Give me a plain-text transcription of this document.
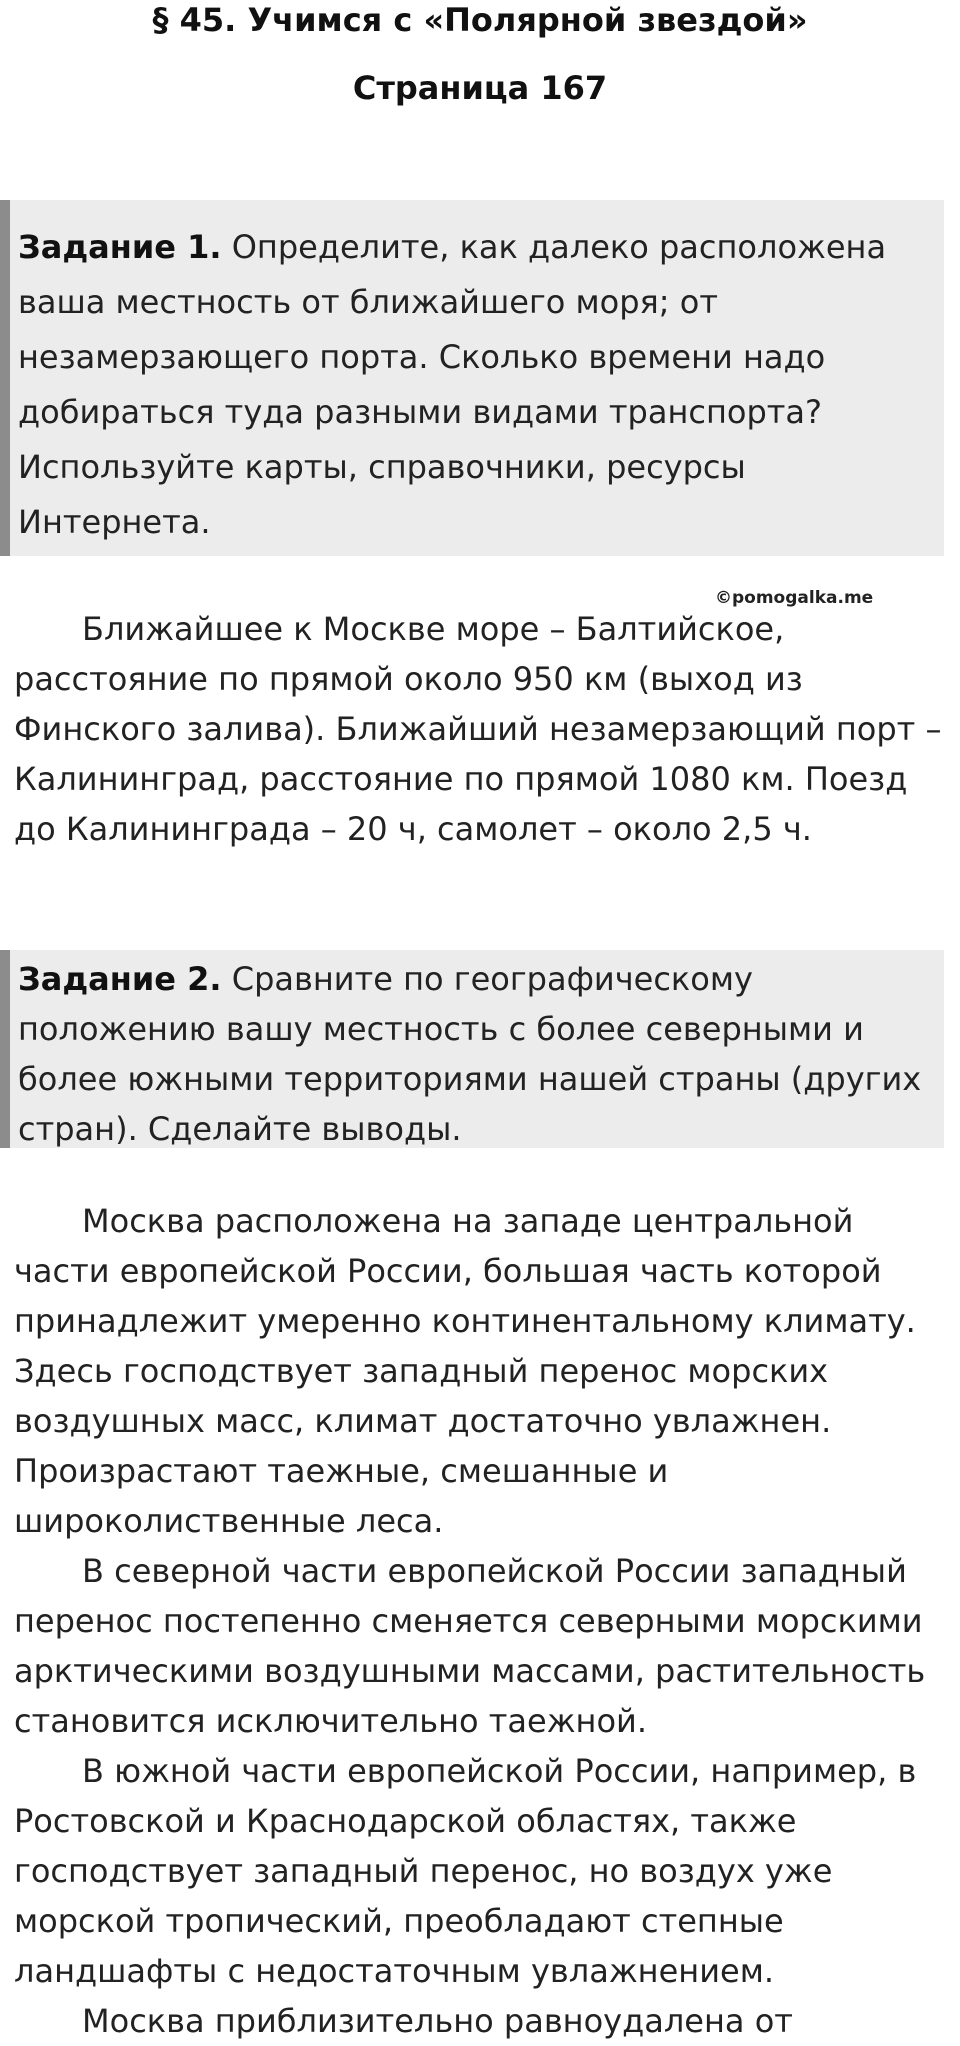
§ 45. Учимся с «Полярной звездой»
Страница 167
Задание 1. Определите, как далеко расположена ваша местность от ближайшего моря; от незамерзающего порта. Сколько времени надо добираться туда разными видами транспорта? Используйте карты, справочники, ресурсы Интернета.
©pomogalka.me

Ближайшее к Москве море – Балтийское, расстояние по прямой около 950 км (выход из Финского залива). Ближайший незамерзающий порт – Калининград, расстояние по прямой 1080 км. Поезд до Калининграда – 20 ч, самолет – около 2,5 ч.

Задание 2. Сравните по географическому положению вашу местность с более северными и более южными территориями нашей страны (других стран). Сделайте выводы.

Москва расположена на западе центральной части европейской России, большая часть которой принадлежит умеренно континентальному климату. Здесь господствует западный перенос морских воздушных масс, климат достаточно увлажнен. Произрастают таежные, смешанные и широколиственные леса.

В северной части европейской России западный перенос постепенно сменяется северными морскими арктическими воздушными массами, растительность становится исключительно таежной.

В южной части европейской России, например, в Ростовской и Краснодарской областях, также господствует западный перенос, но воздух уже морской тропический, преобладают степные ландшафты с недостаточным увлажнением.

Москва приблизительно равноудалена от
